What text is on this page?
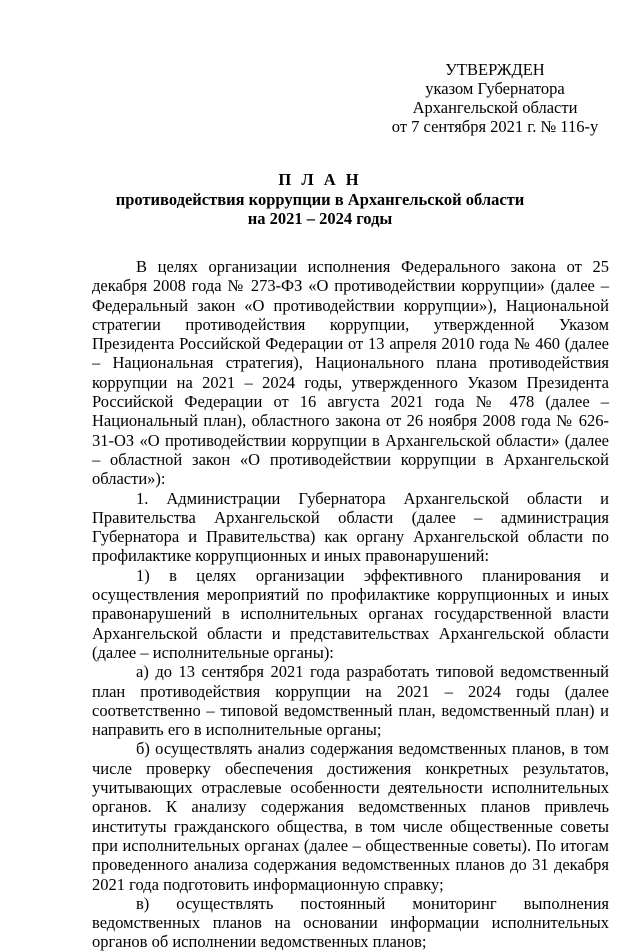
УТВЕРЖДЕН
указом Губернатора
Архангельской области
от 7 сентября 2021 г. № 116-у
П Л А Н
противодействия коррупции в Архангельской области
на 2021 – 2024 годы

В целях организации исполнения Федерального закона от 25 декабря 2008 года № 273-ФЗ «О противодействии коррупции» (далее – Федеральный закон «О противодействии коррупции»), Национальной стратегии противодействия коррупции, утвержденной Указом Президента Российской Федерации от 13 апреля 2010 года № 460 (далее – Национальная стратегия), Национального плана противодействия коррупции на 2021 – 2024 годы, утвержденного Указом Президента Российской Федерации от 16 августа 2021 года № 478 (далее – Национальный план), областного закона от 26 ноября 2008 года № 626-31-ОЗ «О противодействии коррупции в Архангельской области» (далее – областной закон «О противодействии коррупции в Архангельской области»):

1. Администрации Губернатора Архангельской области и Правительства Архангельской области (далее – администрация Губернатора и Правительства) как органу Архангельской области по профилактике коррупционных и иных правонарушений:

1) в целях организации эффективного планирования и осуществления мероприятий по профилактике коррупционных и иных правонарушений в исполнительных органах государственной власти Архангельской области и представительствах Архангельской области (далее – исполнительные органы):

а) до 13 сентября 2021 года разработать типовой ведомственный план противодействия коррупции на 2021 – 2024 годы (далее соответственно – типовой ведомственный план, ведомственный план) и направить его в исполнительные органы;

б) осуществлять анализ содержания ведомственных планов, в том числе проверку обеспечения достижения конкретных результатов, учитывающих отраслевые особенности деятельности исполнительных органов. К анализу содержания ведомственных планов привлечь институты гражданского общества, в том числе общественные советы при исполнительных органах (далее – общественные советы). По итогам проведенного анализа содержания ведомственных планов до 31 декабря 2021 года подготовить информационную справку;

в) осуществлять постоянный мониторинг выполнения ведомственных планов на основании информации исполнительных органов об исполнении ведомственных планов;
